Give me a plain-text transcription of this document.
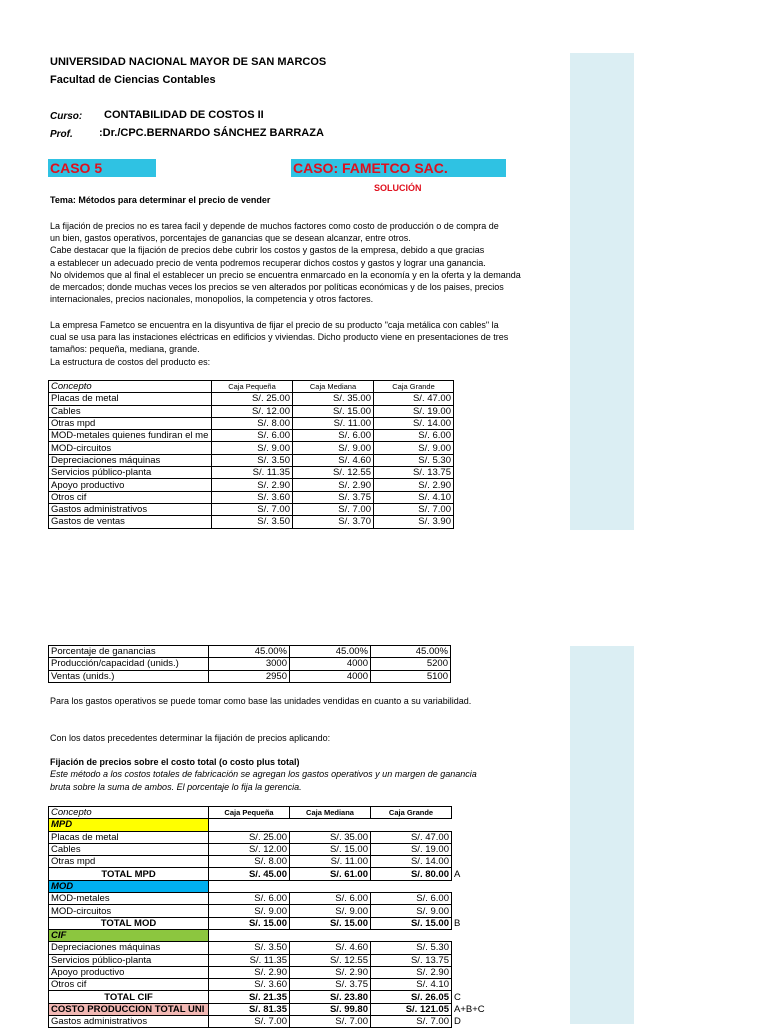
UNIVERSIDAD NACIONAL MAYOR DE SAN MARCOS
Facultad de Ciencias Contables
Curso: CONTABILIDAD DE COSTOS II
Prof. :Dr./CPC.BERNARDO SÁNCHEZ BARRAZA
CASO 5	CASO: FAMETCO SAC.
SOLUCIÓN
Tema: Métodos para determinar el precio de vender
La fijación de precios no es tarea facil y depende de muchos factores como costo de producción o de compra de
un bien, gastos operativos, porcentajes de ganancias que se desean alcanzar, entre otros.
Cabe destacar que la fijación de precios debe cubrir los costos y gastos de la empresa, debido a que gracias
a establecer un adecuado precio de venta podremos recuperar dichos costos y gastos y lograr una ganancia.
No olvidemos que al final el establecer un precio se encuentra enmarcado en la economía y en la oferta y la demanda
de mercados; donde muchas veces los precios se ven alterados por políticas económicas y de los paises, precios
internacionales, precios nacionales, monopolios, la competencia y otros factores.
La empresa Fametco se encuentra en la disyuntiva de fijar el precio de su producto "caja metálica con cables" la
cual se usa para las instaciones eléctricas en edificios y viviendas. Dicho producto viene en presentaciones de tres
tamaños: pequeña, mediana, grande.
La estructura de costos del producto es:
Concepto	Caja Pequeña	Caja Mediana	Caja Grande
Placas de metal	S/. 25.00	S/. 35.00	S/. 47.00
Cables	S/. 12.00	S/. 15.00	S/. 19.00
Otras mpd	S/. 8.00	S/. 11.00	S/. 14.00
MOD-metales quienes fundiran el me	S/. 6.00	S/. 6.00	S/. 6.00
MOD-circuitos	S/. 9.00	S/. 9.00	S/. 9.00
Depreciaciones máquinas	S/. 3.50	S/. 4.60	S/. 5.30
Servicios público-planta	S/. 11.35	S/. 12.55	S/. 13.75
Apoyo productivo	S/. 2.90	S/. 2.90	S/. 2.90
Otros cif	S/. 3.60	S/. 3.75	S/. 4.10
Gastos administrativos	S/. 7.00	S/. 7.00	S/. 7.00
Gastos de ventas	S/. 3.50	S/. 3.70	S/. 3.90
Porcentaje de ganancias	45.00%	45.00%	45.00%
Producción/capacidad (unids.)	3000	4000	5200
Ventas (unids.)	2950	4000	5100
Para los gastos operativos se puede tomar como base las unidades vendidas en cuanto a su variabilidad.
Con los datos precedentes determinar la fijación de precios aplicando:
Fijación de precios sobre el costo total (o costo plus total)
Este método a los costos totales de fabricación se agregan los gastos operativos y un margen de ganancia
bruta sobre la suma de ambos. El porcentaje lo fija la gerencia.
Concepto	Caja Pequeña	Caja Mediana	Caja Grande	
MPD				
Placas de metal	S/. 25.00	S/. 35.00	S/. 47.00	
Cables	S/. 12.00	S/. 15.00	S/. 19.00	
Otras mpd	S/. 8.00	S/. 11.00	S/. 14.00	
TOTAL MPD	S/. 45.00	S/. 61.00	S/. 80.00	A
MOD				
MOD-metales	S/. 6.00	S/. 6.00	S/. 6.00	
MOD-circuitos	S/. 9.00	S/. 9.00	S/. 9.00	
TOTAL MOD	S/. 15.00	S/. 15.00	S/. 15.00	B
CIF				
Depreciaciones máquinas	S/. 3.50	S/. 4.60	S/. 5.30	
Servicios público-planta	S/. 11.35	S/. 12.55	S/. 13.75	
Apoyo productivo	S/. 2.90	S/. 2.90	S/. 2.90	
Otros cif	S/. 3.60	S/. 3.75	S/. 4.10	
TOTAL CIF	S/. 21.35	S/. 23.80	S/. 26.05	C
COSTO PRODUCCION TOTAL UNI	S/. 81.35	S/. 99.80	S/. 121.05	A+B+C
Gastos administrativos	S/. 7.00	S/. 7.00	S/. 7.00	D
